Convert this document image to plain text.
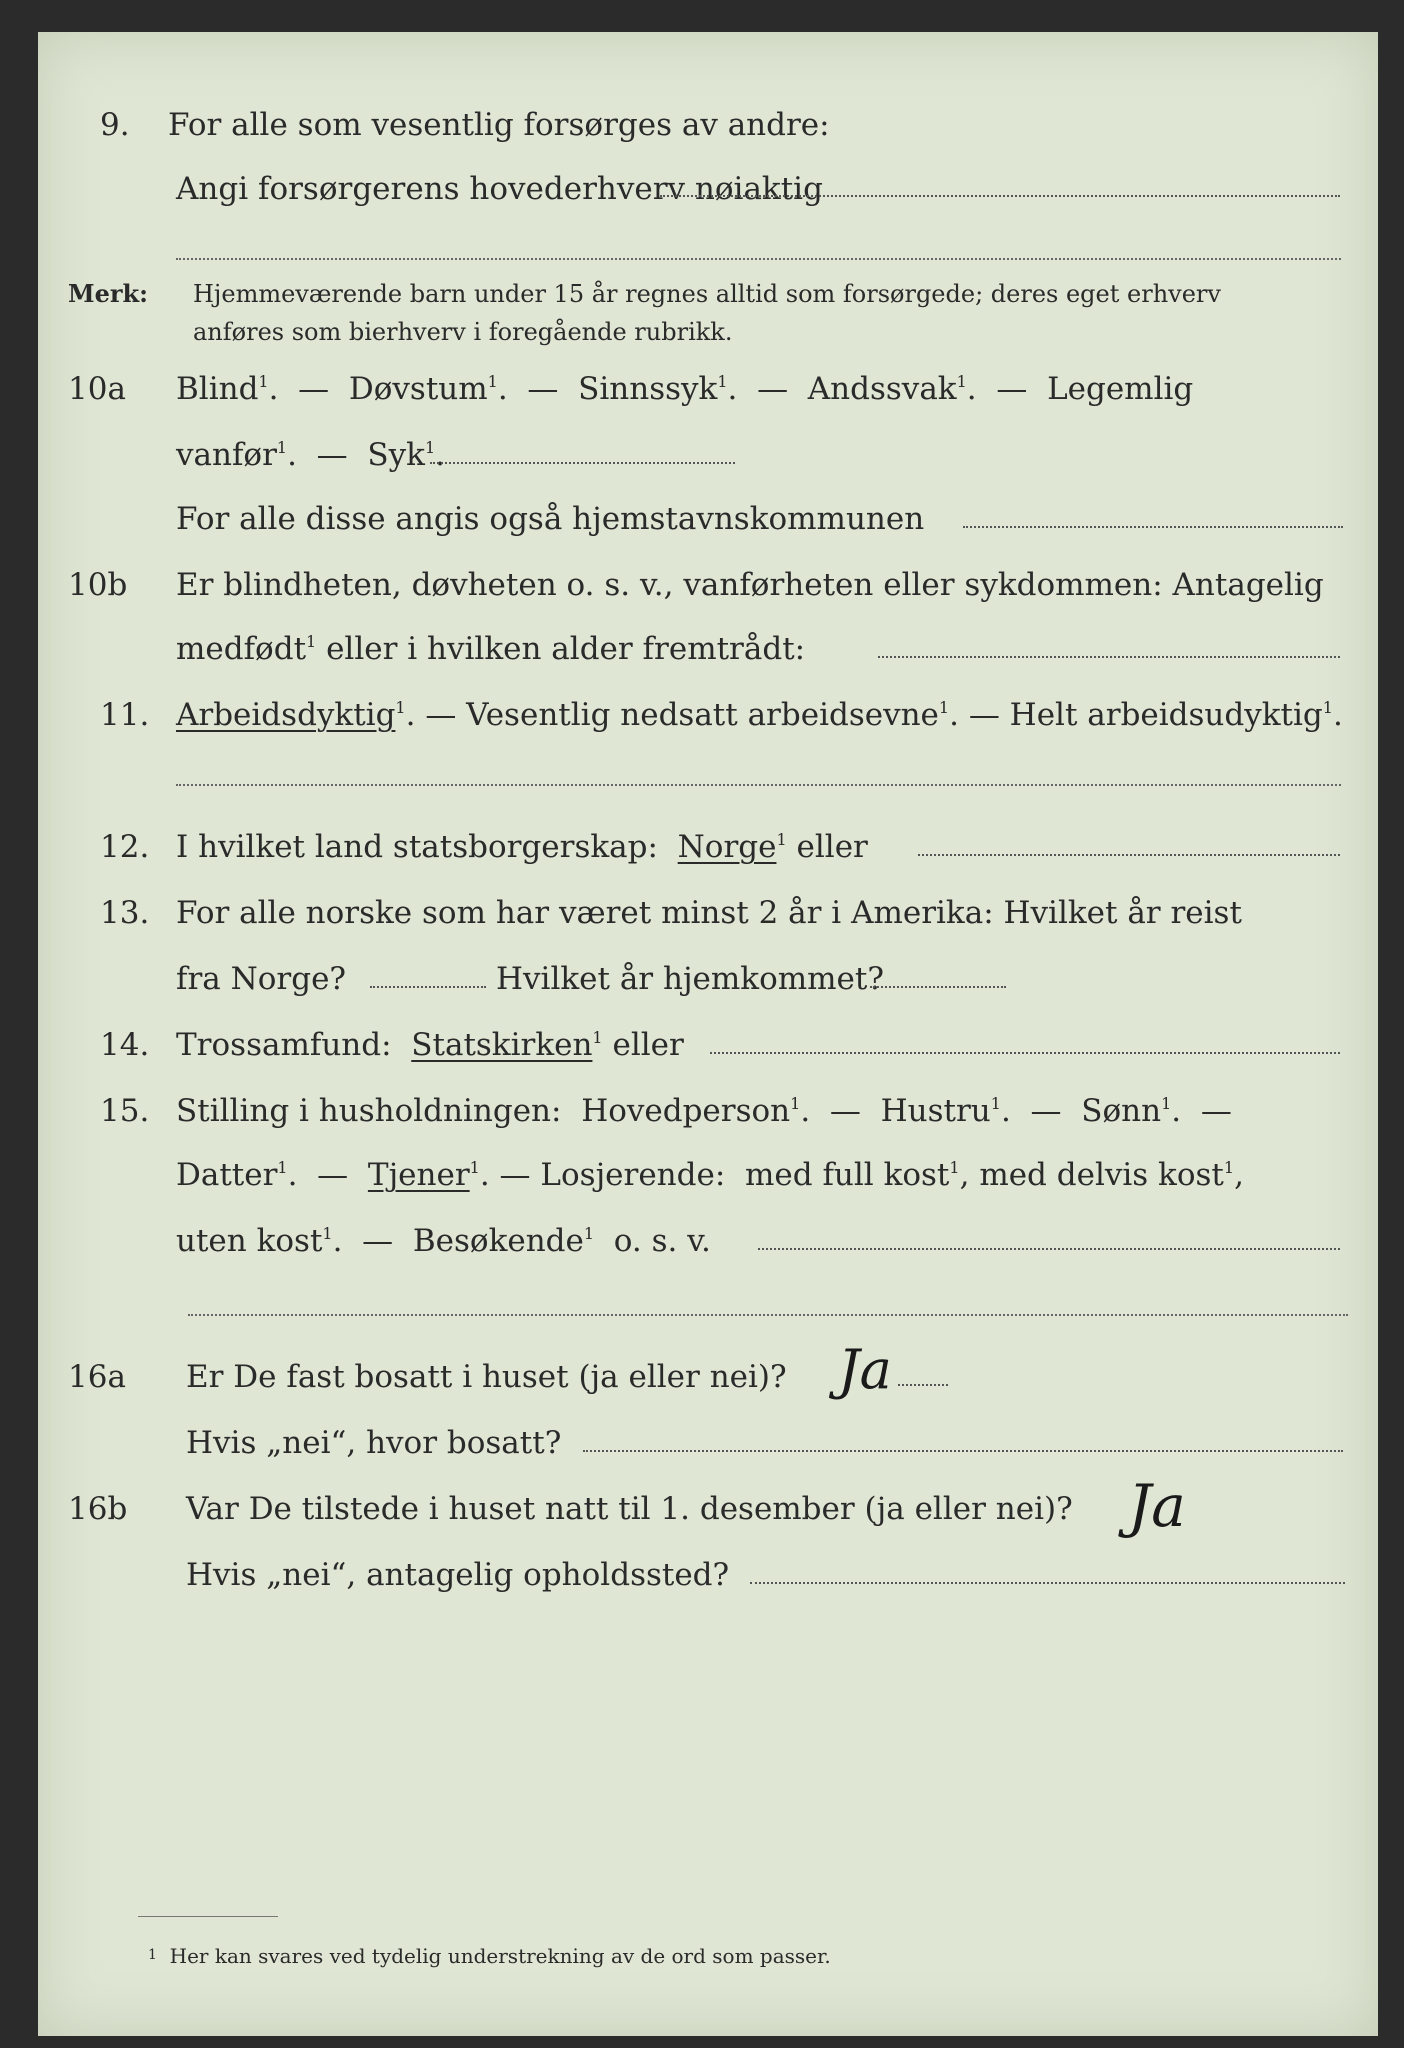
9. For alle som vesentlig forsørges av andre:
Angi forsørgerens hovederhverv nøiaktig
Merk: Hjemmeværende barn under 15 år regnes alltid som forsørgede; deres eget erhverv
anføres som bierhverv i foregående rubrikk.
10a Blind$^1$.  —  Døvstum$^1$.  —  Sinnssyk$^1$.  —  Andssvak$^1$.  —  Legemlig
vanfør$^1$.  —  Syk$^1$.
For alle disse angis også hjemstavnskommunen
10b Er blindheten, døvheten o. s. v., vanførheten eller sykdommen: Antagelig
medfødt$^1$ eller i hvilken alder fremtrådt:
11. Arbeidsdyktig$^1$. — Vesentlig nedsatt arbeidsevne$^1$. — Helt arbeidsudyktig$^1$.
12. I hvilket land statsborgerskap: Norge$^1$ eller
13. For alle norske som har været minst 2 år i Amerika: Hvilket år reist
fra Norge?	Hvilket år hjemkommet?
14. Trossamfund: Statskirken$^1$ eller
15. Stilling i husholdningen: Hovedperson$^1$.  —  Hustru$^1$.  —  Sønn$^1$.  —
Datter$^1$.  —  Tjener$^1$. — Losjerende: med full kost$^1$, med delvis kost$^1$,
uten kost$^1$.  —  Besøkende$^1$ o. s. v.
16a Er De fast bosatt i huset (ja eller nei)? Ja
Hvis „nei“, hvor bosatt?
16b Var De tilstede i huset natt til 1. desember (ja eller nei)? Ja
Hvis „nei“, antagelig opholdssted?
$^1$ Her kan svares ved tydelig understrekning av de ord som passer.
